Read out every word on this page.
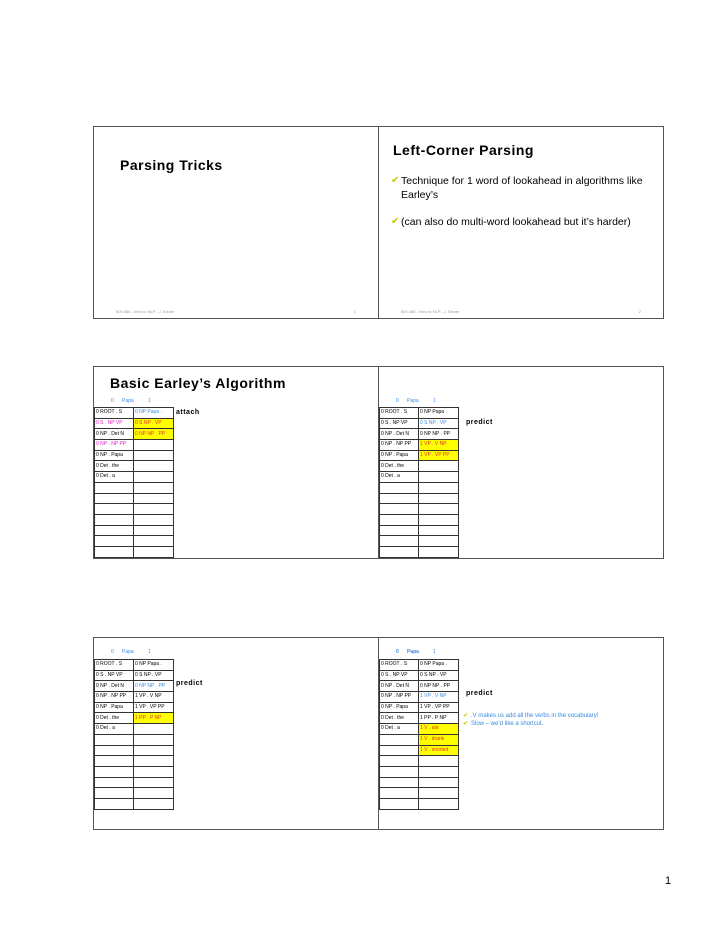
Parsing Tricks
600.465 - Intro to NLP - J. Eisner	1
Left-Corner Parsing
✔ Technique for 1 word of lookahead in algorithms like Earley’s
✔ (can also do multi-word lookahead but it’s harder)
600.465 - Intro to NLP - J. Eisner	2
Basic Earley’s Algorithm
0 Papa	1
0 ROOT . S	0 NP Papa .
0 S . NP VP	0 S NP . VP
0 NP . Det N	0 NP NP . PP
0 NP . NP PP	
0 NP . Papa	
0 Det . the	
0 Det . a	

attach
0 Papa	1
0 ROOT . S	0 NP Papa .
0 S . NP VP	0 S NP . VP
0 NP . Det N	0 NP NP . PP
0 NP . NP PP	1 VP . V NP
0 NP . Papa	1 VP . VP PP
0 Det . the	
0 Det . a	

predict
0 Papa	1
0 ROOT . S	0 NP Papa .
0 S . NP VP	0 S NP . VP
0 NP . Det N	0 NP NP . PP
0 NP . NP PP	1 VP . V NP
0 NP . Papa	1 VP . VP PP
0 Det . the	1 PP . P NP
0 Det . a	

predict
0 Papa	1
0 ROOT . S	0 NP Papa .
0 S . NP VP	0 S NP . VP
0 NP . Det N	0 NP NP . PP
0 NP . NP PP	1 VP . V NP
0 NP . Papa	1 VP . VP PP
0 Det . the	1 PP . P NP
0 Det . a	1 V . ate
	1 V . drank
	1 V . snorted

predict
✔ .V makes us add all the verbs in the vocabulary!
✔ Slow – we’d like a shortcut.
1
